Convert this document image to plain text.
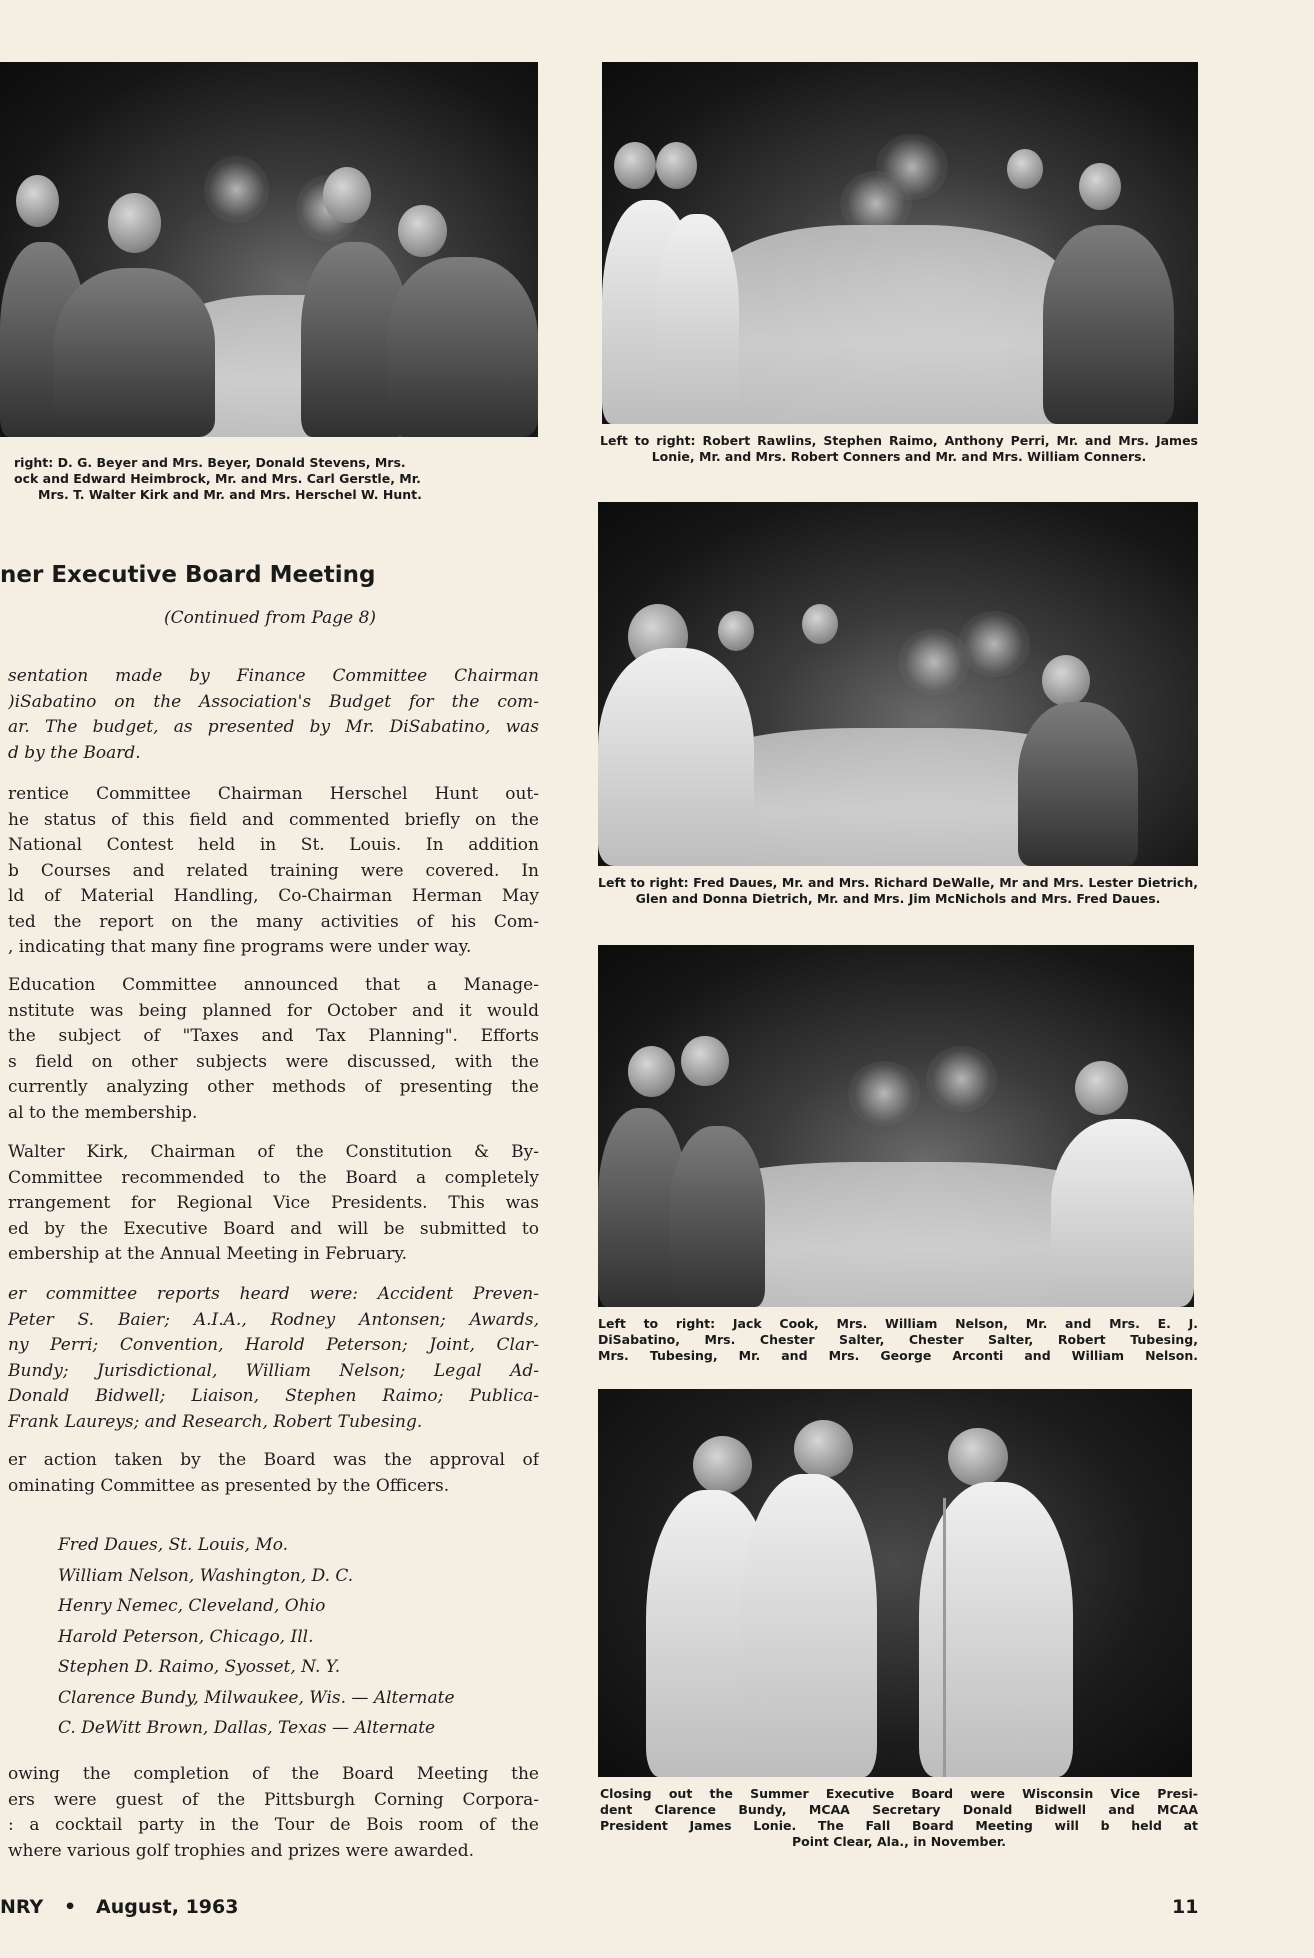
right: D. G. Beyer and Mrs. Beyer, Donald Stevens, Mrs.
ock and Edward Heimbrock, Mr. and Mrs. Carl Gerstle, Mr.
Mrs. T. Walter Kirk and Mr. and Mrs. Herschel W. Hunt.

Left to right: Robert Rawlins, Stephen Raimo, Anthony Perri, Mr. and Mrs. James Lonie, Mr. and Mrs. Robert Conners and Mr. and Mrs. William Conners.

Left to right: Fred Daues, Mr. and Mrs. Richard DeWalle, Mr and Mrs. Lester Dietrich, Glen and Donna Dietrich, Mr. and Mrs. Jim McNichols and Mrs. Fred Daues.

Left to right: Jack Cook, Mrs. William Nelson, Mr. and Mrs. E. J.
DiSabatino, Mrs. Chester Salter, Chester Salter, Robert Tubesing,
Mrs. Tubesing, Mr. and Mrs. George Arconti and William Nelson.

Closing out the Summer Executive Board were Wisconsin Vice Presi-
dent Clarence Bundy, MCAA Secretary Donald Bidwell and MCAA
President James Lonie. The Fall Board Meeting will b held at
Point Clear, Ala., in November.

ner Executive Board Meeting

(Continued from Page 8)

sentation made by Finance Committee Chairman
)iSabatino on the Association's Budget for the com-
ar. The budget, as presented by Mr. DiSabatino, was
d by the Board.
rentice Committee Chairman Herschel Hunt out-
he status of this field and commented briefly on the
National Contest held in St. Louis. In addition
b Courses and related training were covered. In
ld of Material Handling, Co-Chairman Herman May
ted the report on the many activities of his Com-
, indicating that many fine programs were under way.
Education Committee announced that a Manage-
nstitute was being planned for October and it would
the subject of "Taxes and Tax Planning". Efforts
s field on other subjects were discussed, with the
currently analyzing other methods of presenting the
al to the membership.
Walter Kirk, Chairman of the Constitution & By-
Committee recommended to the Board a completely
rrangement for Regional Vice Presidents. This was
ed by the Executive Board and will be submitted to
embership at the Annual Meeting in February.
er committee reports heard were: Accident Preven-
Peter S. Baier; A.I.A., Rodney Antonsen; Awards,
ny Perri; Convention, Harold Peterson; Joint, Clar-
Bundy; Jurisdictional, William Nelson; Legal Ad-
Donald Bidwell; Liaison, Stephen Raimo; Publica-
Frank Laureys; and Research, Robert Tubesing.
er action taken by the Board was the approval of
ominating Committee as presented by the Officers.
Fred Daues, St. Louis, Mo.
William Nelson, Washington, D. C.
Henry Nemec, Cleveland, Ohio
Harold Peterson, Chicago, Ill.
Stephen D. Raimo, Syosset, N. Y.
Clarence Bundy, Milwaukee, Wis. — Alternate
C. DeWitt Brown, Dallas, Texas — Alternate
owing the completion of the Board Meeting the
ers were guest of the Pittsburgh Corning Corpora-
: a cocktail party in the Tour de Bois room of the
where various golf trophies and prizes were awarded.

NRY • August, 1963	11
